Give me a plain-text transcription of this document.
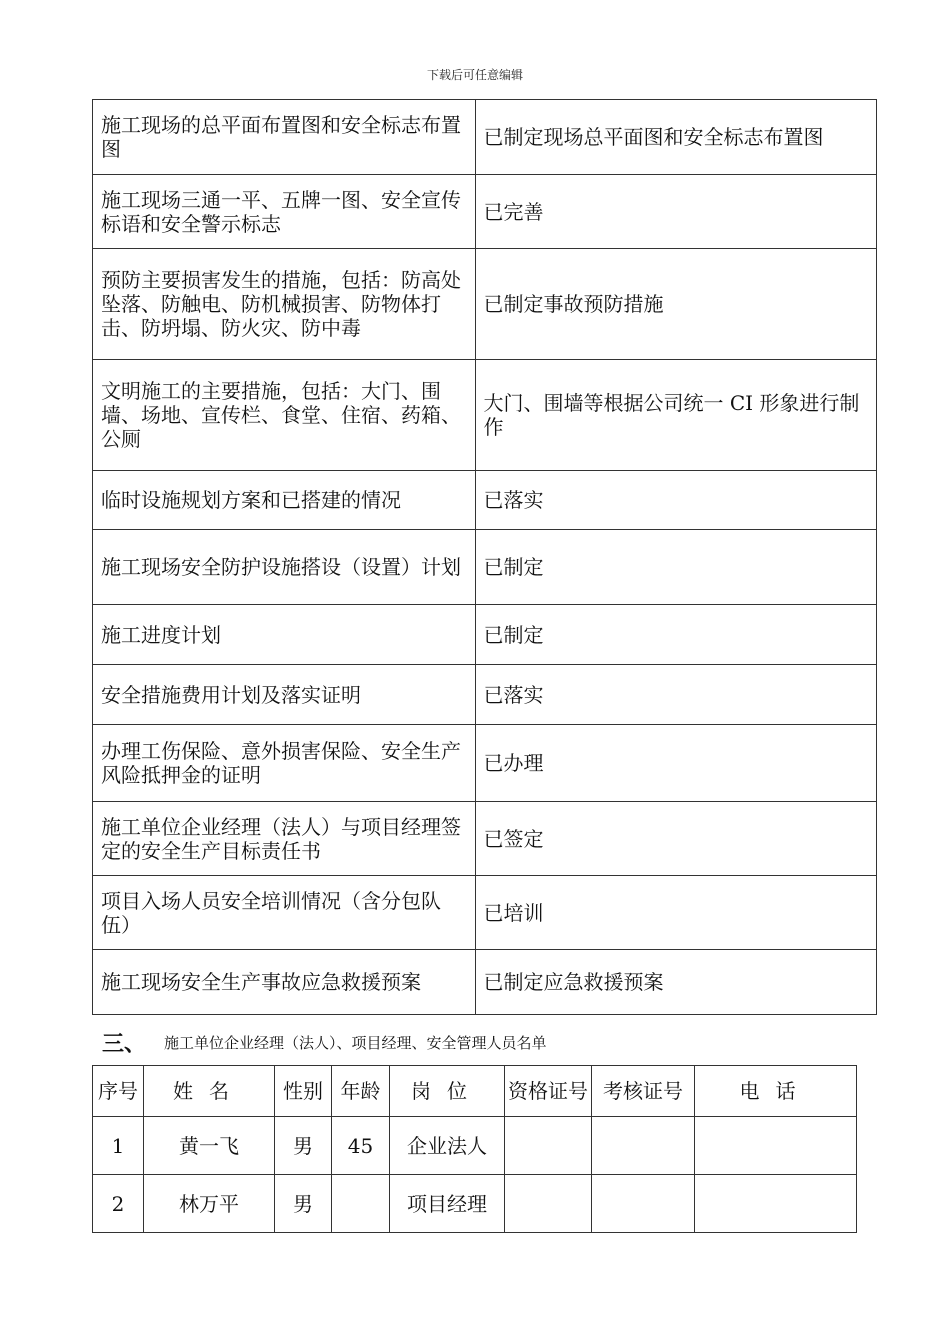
下载后可任意编辑
施工现场的总平面布置图和安全标志布置图	已制定现场总平面图和安全标志布置图
施工现场三通一平、五牌一图、安全宣传标语和安全警示标志	已完善
预防主要损害发生的措施，包括：防高处坠落、防触电、防机械损害、防物体打击、防坍塌、防火灾、防中毒	已制定事故预防措施
文明施工的主要措施，包括：大门、围墙、场地、宣传栏、食堂、住宿、药箱、公厕	大门、围墙等根据公司统一 CI 形象进行制作
临时设施规划方案和已搭建的情况	已落实
施工现场安全防护设施搭设（设置）计划	已制定
施工进度计划	已制定
安全措施费用计划及落实证明	已落实
办理工伤保险、意外损害保险、安全生产风险抵押金的证明	已办理
施工单位企业经理（法人）与项目经理签定的安全生产目标责任书	已签定
项目入场人员安全培训情况（含分包队伍）	已培训
施工现场安全生产事故应急救援预案	已制定应急救援预案
三、 施工单位企业经理（法人）、项目经理、安全管理人员名单
序号	姓名	性别	年龄	岗位	资格证号	考核证号	电话
1	黄一飞	男	45	企业法人			
2	林万平	男		项目经理			
